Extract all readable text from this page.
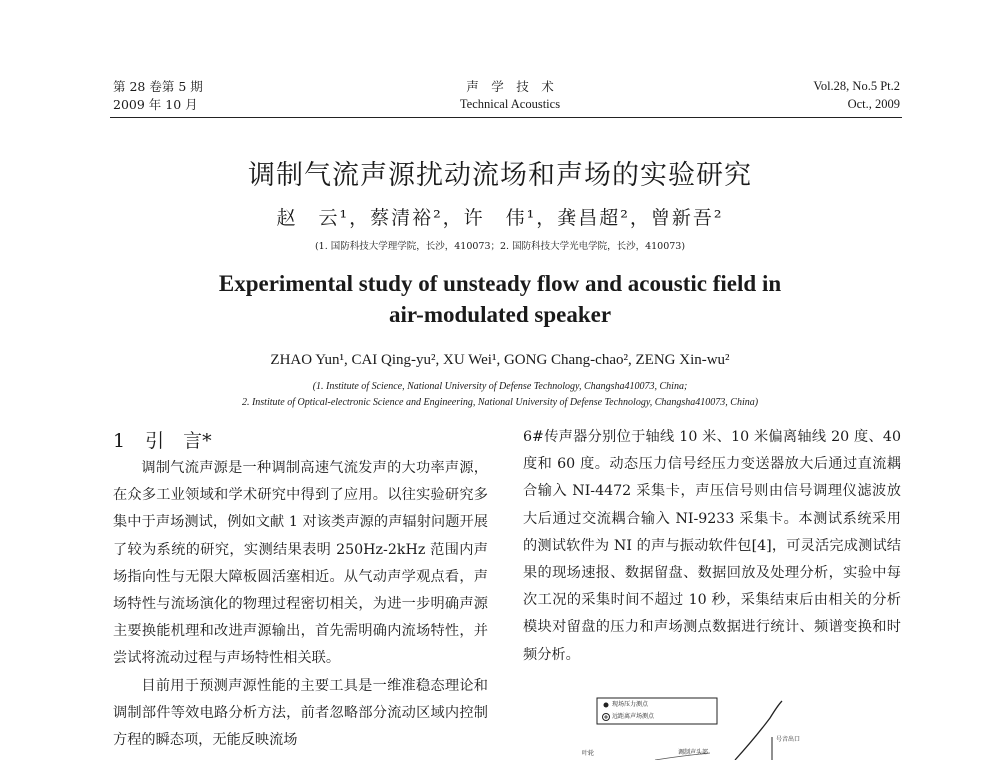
第 28 卷第 5 期
2009 年 10 月
声　学　技　术
Technical Acoustics
Vol.28, No.5 Pt.2
Oct., 2009
调制气流声源扰动流场和声场的实验研究
赵　云¹，蔡清裕²，许　伟¹，龚昌超²，曾新吾²
(1. 国防科技大学理学院，长沙，410073；2. 国防科技大学光电学院，长沙，410073)
Experimental study of unsteady flow and acoustic field in
air-modulated speaker
ZHAO Yun¹, CAI Qing-yu², XU Wei¹, GONG Chang-chao², ZENG Xin-wu²
(1. Institute of Science, National University of Defense Technology, Changsha410073, China;
2. Institute of Optical-electronic Science and Engineering, National University of Defense Technology, Changsha410073, China)
1 引　言*

调制气流声源是一种调制高速气流发声的大功率声源，在众多工业领域和学术研究中得到了应用。以往实验研究多集中于声场测试，例如文献 1 对该类声源的声辐射问题开展了较为系统的研究，实测结果表明 250Hz-2kHz 范围内声场指向性与无限大障板圆活塞相近。从气动声学观点看，声场特性与流场演化的物理过程密切相关，为进一步明确声源主要换能机理和改进声源输出，首先需明确内流场特性，并尝试将流动过程与声场特性相关联。

目前用于预测声源性能的主要工具是一维准稳态理论和调制部件等效电路分析方法，前者忽略部分流动区域内控制方程的瞬态项，无能反映流场

6#传声器分别位于轴线 10 米、10 米偏离轴线 20 度、40 度和 60 度。动态压力信号经压力变送器放大后通过直流耦合输入 NI-4472 采集卡，声压信号则由信号调理仪滤波放大后通过交流耦合输入 NI-9233 采集卡。本测试系统采用的测试软件为 NI 的声与振动软件包[4]，可灵活完成测试结果的现场速报、数据留盘、数据回放及处理分析，实验中每次工况的采集时间不超过 10 秒，采集结束后由相关的分析模块对留盘的压力和声场测点数据进行统计、频谱变换和时频分析。

现场压力测点
远距离声场测点
号音出口
叶轮	调制声头部
